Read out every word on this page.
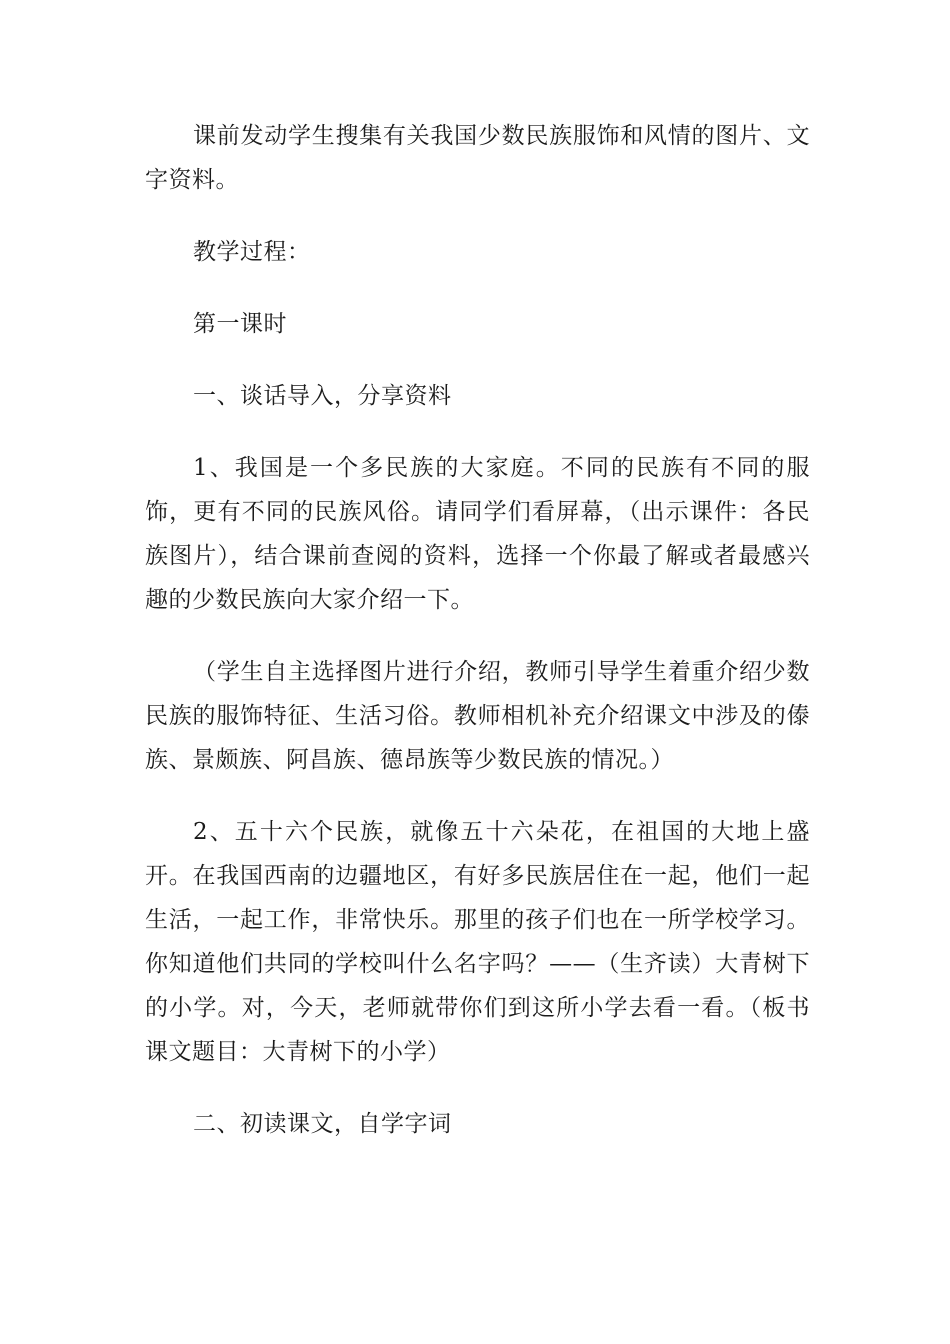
课前发动学生搜集有关我国少数民族服饰和风情的图片、文字资料。

教学过程：

第一课时

一、谈话导入，分享资料

1、我国是一个多民族的大家庭。不同的民族有不同的服饰，更有不同的民族风俗。请同学们看屏幕，（出示课件：各民族图片），结合课前查阅的资料，选择一个你最了解或者最感兴趣的少数民族向大家介绍一下。

（学生自主选择图片进行介绍，教师引导学生着重介绍少数民族的服饰特征、生活习俗。教师相机补充介绍课文中涉及的傣族、景颇族、阿昌族、德昂族等少数民族的情况。）

2、五十六个民族，就像五十六朵花，在祖国的大地上盛开。在我国西南的边疆地区，有好多民族居住在一起，他们一起生活，一起工作，非常快乐。那里的孩子们也在一所学校学习。你知道他们共同的学校叫什么名字吗？——（生齐读）大青树下的小学。对，今天，老师就带你们到这所小学去看一看。（板书课文题目：大青树下的小学）

二、初读课文，自学字词
